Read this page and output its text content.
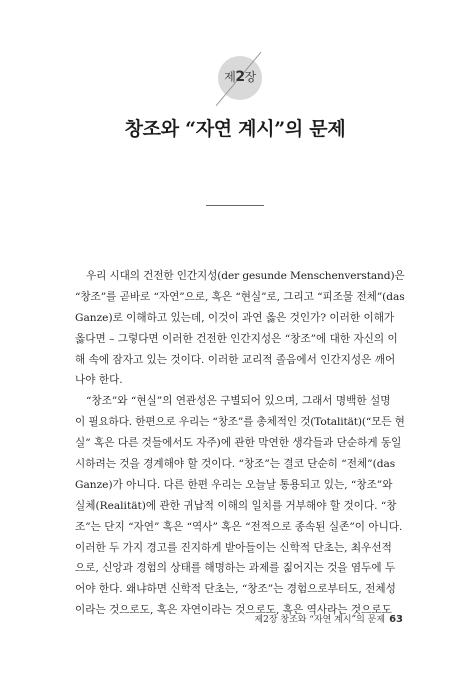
제2장
창조와 “자연 계시”의 문제
우리 시대의 건전한 인간지성(der gesunde Menschenverstand)은
“창조”를 곧바로 “자연”으로, 혹은 “현실”로, 그리고 “피조물 전체”(das
Ganze)로 이해하고 있는데, 이것이 과연 옳은 것인가? 이러한 이해가
옳다면 – 그렇다면 이러한 건전한 인간지성은 “창조”에 대한 자신의 이
해 속에 잠자고 있는 것이다. 이러한 교리적 졸음에서 인간지성은 깨어
나야 한다.
“창조”와 “현실”의 연관성은 구별되어 있으며, 그래서 명백한 설명
이 필요하다. 한편으로 우리는 “창조”를 총체적인 것(Totalität)(“모든 현
실” 혹은 다른 것들에서도 자주)에 관한 막연한 생각들과 단순하게 동일
시하려는 것을 경계해야 할 것이다. “창조”는 결코 단순히 “전체”(das
Ganze)가 아니다. 다른 한편 우리는 오늘날 통용되고 있는, “창조”와
실체(Realität)에 관한 귀납적 이해의 일치를 거부해야 할 것이다. “창
조”는 단지 “자연” 혹은 “역사” 혹은 “전적으로 종속된 실존”이 아니다.
이러한 두 가지 경고를 진지하게 받아들이는 신학적 단초는, 최우선적
으로, 신앙과 경험의 상태를 해명하는 과제를 짊어지는 것을 염두에 두
어야 한다. 왜냐하면 신학적 단초는, “창조”는 경험으로부터도, 전체성
이라는 것으로도, 혹은 자연이라는 것으로도, 혹은 역사라는 것으로도
제2장 창조와 “자연 계시”의 문제 63
